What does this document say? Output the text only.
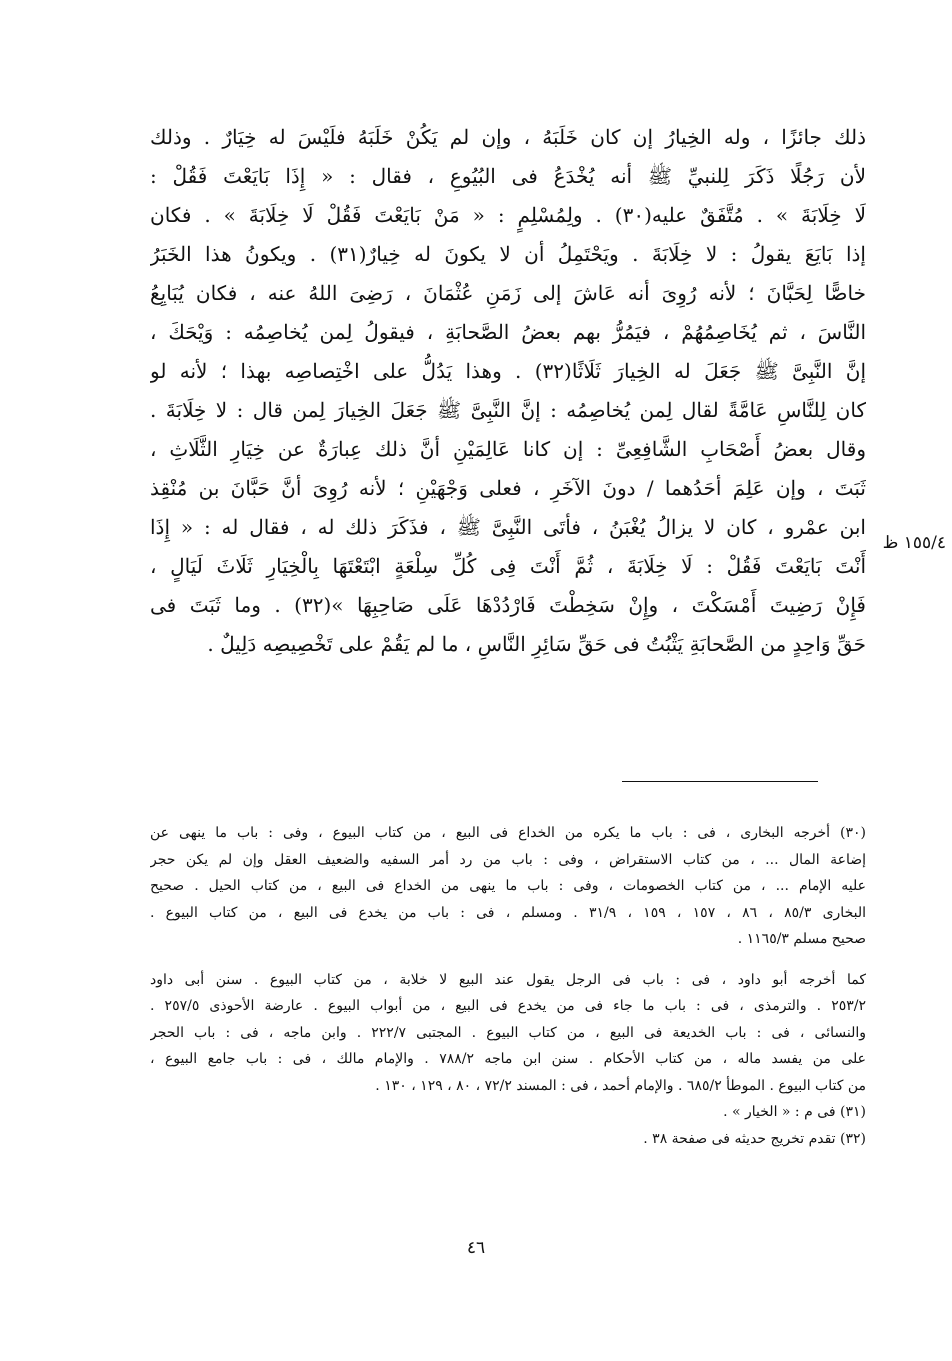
ذلك جائزًا ، وله الخِيارُ إن كان خَلَبَهُ ، وإن لم يَكُنْ خَلَبَهُ فلَيْسَ له خِيَارٌ . وذلك
لأن رَجُلًا ذَكَرَ لِلنبيِّ ﷺ أنه يُخْدَعُ فى البُيُوعِ ، فقال : « إِذَا بَايَعْتَ فَقُلْ :
لَا خِلَابَةَ » . مُتَّفَقٌ عليه(٣٠) . ولِمُسْلِمٍ : « مَنْ بَايَعْتَ فَقُلْ لَا خِلَابَةَ » . فكان
إذا بَايَعَ يقولُ : لا خِلَابَةَ . ويَحْتَمِلُ أن لا يكونَ له خِيارٌ(٣١) . ويكونُ هذا الخَبَرُ
خاصًّا لِحَبَّانَ ؛ لأنه رُوِىَ أنه عَاشَ إلى زَمَنِ عُثْمَانَ ، رَضِىَ اللهُ عنه ، فكان يُبَايِعُ
النَّاسَ ، ثم يُخَاصِمُهُمْ ، فيَمُرُّ بهم بعضُ الصَّحابَةِ ، فيقولُ لِمن يُخاصِمُه : وَيْحَكَ ،
إنَّ النَّبِىَّ ﷺ جَعَلَ له الخِيارَ ثَلَاثًا(٣٢) . وهذا يَدُلُّ على اخْتِصاصِه بهذا ؛ لأنه لو
كان لِلنَّاسِ عَامَّةً لقال لِمن يُخاصِمُه : إنَّ النَّبِىَّ ﷺ جَعَلَ الخِيارَ لِمن قال : لا خِلَابَةَ .
وقال بعضُ أَصْحَابِ الشَّافِعِىِّ : إن كانا عَالِمَيْنِ أنَّ ذلك عِبارَةٌ عن خِيَارِ الثَّلَاثِ ،
ثَبَتَ ، وإن عَلِمَ أحَدُهما / دونَ الآخَرِ ، فعلى وَجْهَيْنِ ؛ لأنه رُوِىَ أنَّ حَبَّانَ بن مُنْقِذ
ابن عمْرو ، كان لا يزالُ يُغْبَنُ ، فأتَى النَّبِىَّ ﷺ ، فذَكَرَ ذلك له ، فقال له : « إِذَا
أَنْتَ بَايَعْتَ فَقُلْ : لَا خِلَابَةَ ، ثُمَّ أَنْتَ فِى كُلِّ سِلْعَةٍ ابْتَعْتَهَا بِالْخِيَارِ ثَلَاثَ لَيَالٍ ،
فَإِنْ رَضِيتَ أَمْسَكْتَ ، وإِنْ سَخِطْتَ فَارْدُدْهَا عَلَى صَاحِبِهَا »(٣٢) . وما ثَبَتَ فى
حَقِّ وَاحِدٍ من الصَّحابَةِ يَثْبُتُ فى حَقِّ سَائِرِ النَّاسِ ، ما لم يَقُمْ على تَخْصِيصِه دَلِيلٌ .
١٥٥/٤ ظ
(٣٠) أخرجه البخارى ، فى : باب ما يكره من الخداع فى البيع ، من كتاب البيوع ، وفى : باب ما ينهى عن
إضاعة المال ... ، من كتاب الاستقراض ، وفى : باب من رد أمر السفيه والضعيف العقل وإن لم يكن حجر
عليه الإمام ... ، من كتاب الخصومات ، وفى : باب ما ينهى من الخداع فى البيع ، من كتاب الحيل . صحيح
البخارى ٨٥/٣ ، ٨٦ ، ١٥٧ ، ١٥٩ ، ٣١/٩ . ومسلم ، فى : باب من يخدع فى البيع ، من كتاب البيوع .
صحيح مسلم ١١٦٥/٣ .
كما أخرجه أبو داود ، فى : باب فى الرجل يقول عند البيع لا خلابة ، من كتاب البيوع . سنن أبى داود
٢٥٣/٢ . والترمذى ، فى : باب ما جاء فى من يخدع فى البيع ، من أبواب البيوع . عارضة الأحوذى ٢٥٧/٥ .
والنسائى ، فى : باب الخديعة فى البيع ، من كتاب البيوع . المجتبى ٢٢٢/٧ . وابن ماجه ، فى : باب الحجر
على من يفسد ماله ، من كتاب الأحكام . سنن ابن ماجه ٧٨٨/٢ . والإمام مالك ، فى : باب جامع البيوع ،
من كتاب البيوع . الموطأ ٦٨٥/٢ . والإمام أحمد ، فى : المسند ٧٢/٢ ، ٨٠ ، ١٢٩ ، ١٣٠ .
(٣١) فى م : « الخيار » .
(٣٢) تقدم تخريج حديثه فى صفحة ٣٨ .
٤٦
